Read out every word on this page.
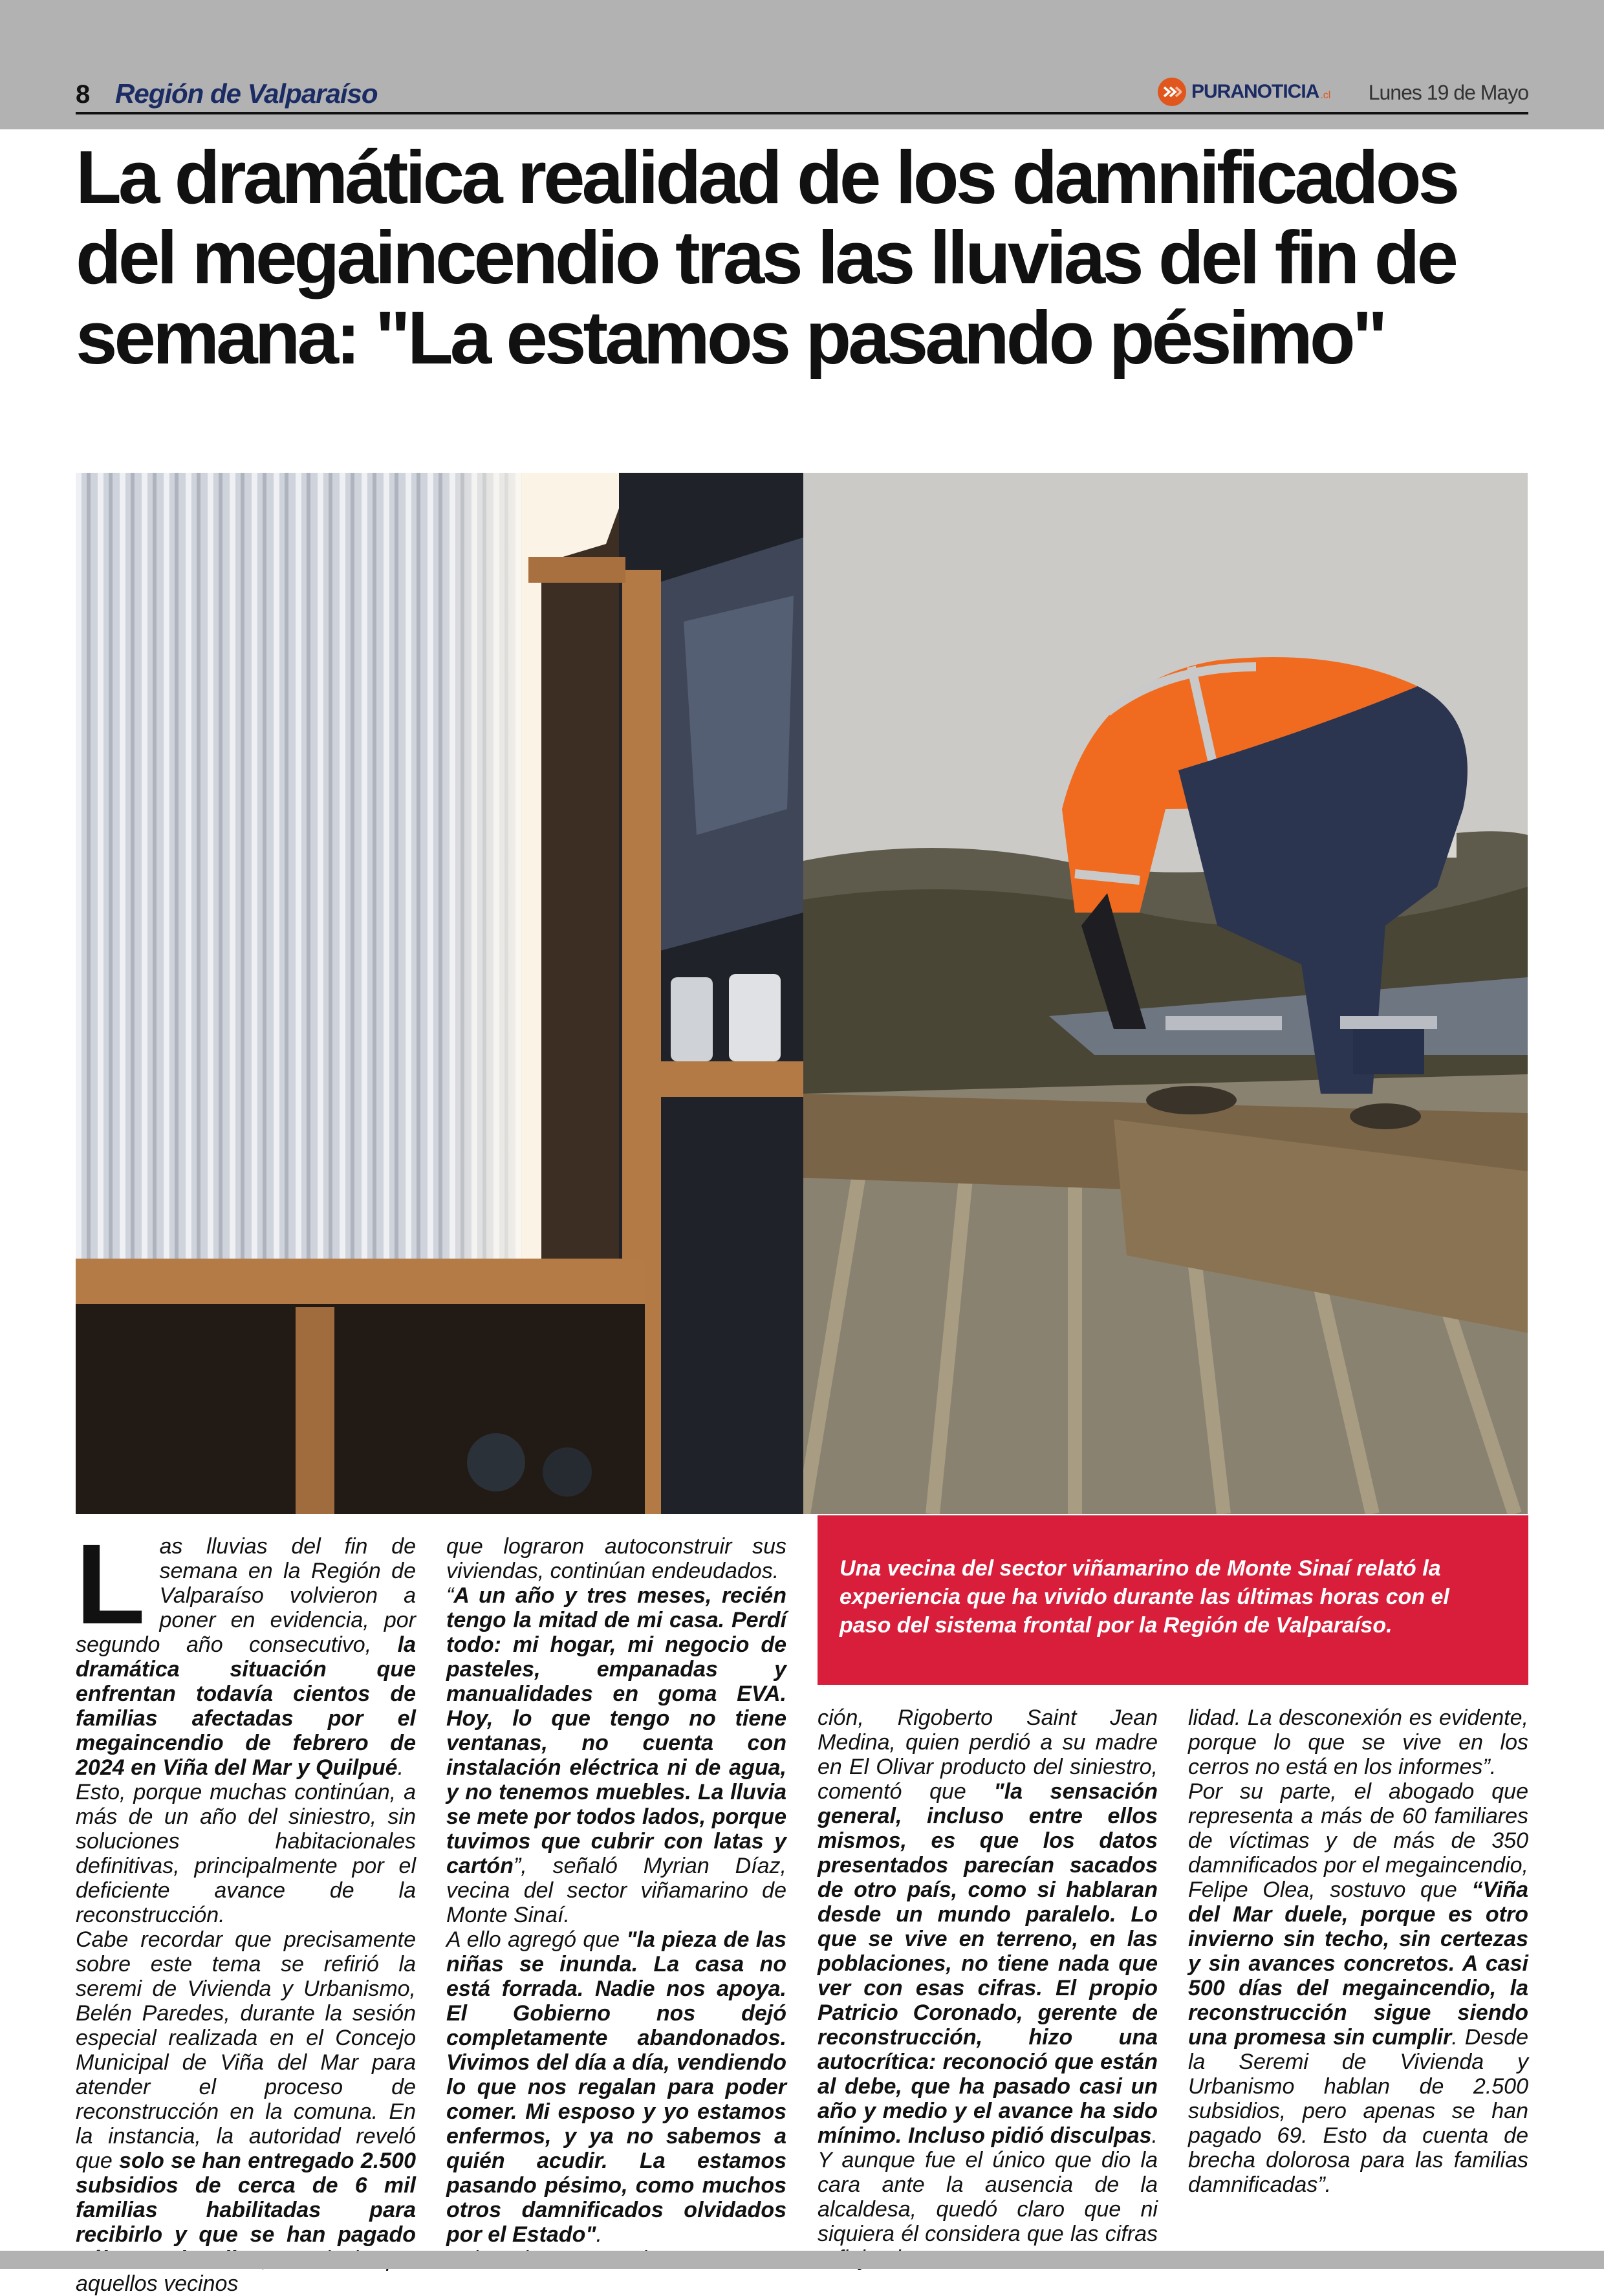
8 Región de Valparaíso	PURANOTICIA .cl Lunes 19 de Mayo
La dramática realidad de los damnificados del megaincendio tras las lluvias del fin de semana: "La estamos pasando pésimo"

Una vecina del sector viñamarino de Monte Sinaí relató la experiencia que ha vivido durante las últimas horas con el paso del sistema frontal por la Región de Valparaíso.

L as lluvias del fin de semana en la Región de Valparaíso volvieron a poner en evidencia, por segundo año consecutivo, la dramática situación que enfrentan todavía cientos de familias afectadas por el megaincendio de febrero de 2024 en Viña del Mar y Quilpué.

Esto, porque muchas continúan, a más de un año del siniestro, sin soluciones habitacionales definitivas, principalmente por el deficiente avance de la reconstrucción.

Cabe recordar que precisamente sobre este tema se refirió la seremi de Vivienda y Urbanismo, Belén Paredes, durante la sesión especial realizada en el Concejo Municipal de Viña del Mar para atender el proceso de reconstrucción en la comuna. En la instancia, la autoridad reveló que solo se han entregado 2.500 subsidios de cerca de 6 mil familias habilitadas para recibirlo y que se han pagado aquellos vecinos

que lograron autoconstruir sus viviendas, continúan endeudados.

“A un año y tres meses, recién tengo la mitad de mi casa. Perdí todo: mi hogar, mi negocio de pasteles, empanadas y manualidades en goma EVA. Hoy, lo que tengo no tiene ventanas, no cuenta con instalación eléctrica ni de agua, y no tenemos muebles. La lluvia se mete por todos lados, porque tuvimos que cubrir con latas y cartón”, señaló Myrian Díaz, vecina del sector viñamarino de Monte Sinaí.

A ello agregó que "la pieza de las niñas se inunda. La casa no está forrada. Nadie nos apoya. El Gobierno nos dejó completamente abandonados. Vivimos del día a día, vendiendo lo que nos regalan para poder comer. Mi esposo y yo estamos enfermos, y ya no sabemos a quién acudir. La estamos pasando pésimo, como muchos otros damnificados olvidados por el Estado".

ción, Rigoberto Saint Jean Medina, quien perdió a su madre en El Olivar producto del siniestro, comentó que "la sensación general, incluso entre ellos mismos, es que los datos presentados parecían sacados de otro país, como si hablaran desde un mundo paralelo. Lo que se vive en terreno, en las poblaciones, no tiene nada que ver con esas cifras. El propio Patricio Coronado, gerente de reconstrucción, hizo una autocrítica: reconoció que están al debe, que ha pasado casi un año y medio y el avance ha sido mínimo. Incluso pidió disculpas. Y aunque fue el único que dio la cara ante la ausencia de la alcaldesa, quedó claro que ni siquiera él considera que las cifras

lidad. La desconexión es evidente, porque lo que se vive en los cerros no está en los informes”.

Por su parte, el abogado que representa a más de 60 familiares de víctimas y de más de 350 damnificados por el megaincendio, Felipe Olea, sostuvo que “Viña del Mar duele, porque es otro invierno sin techo, sin certezas y sin avances concretos. A casi 500 días del megaincendio, la reconstrucción sigue siendo una promesa sin cumplir. Desde la Seremi de Vivienda y Urbanismo hablan de 2.500 subsidios, pero apenas se han pagado 69. Esto da cuenta de brecha dolorosa para las familias damnificadas”.
